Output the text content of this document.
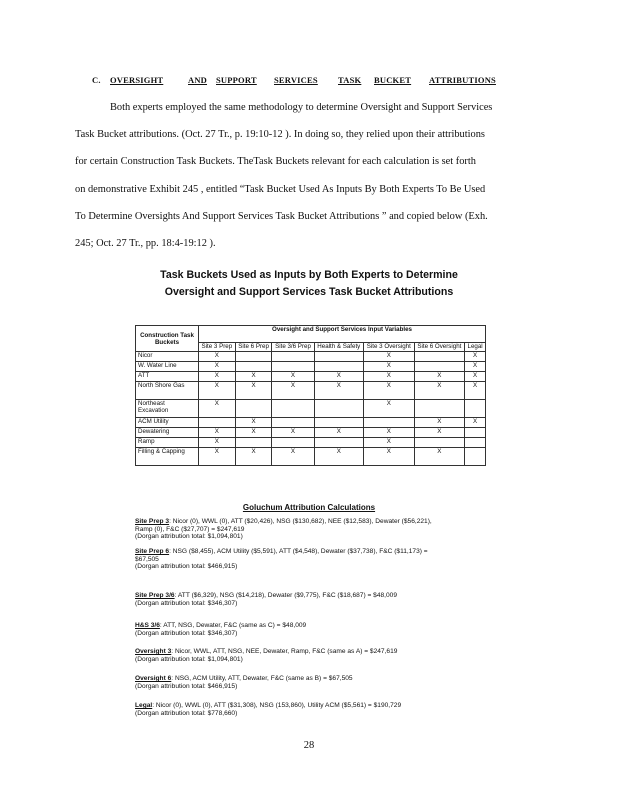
C.	OVERSIGHT	AND	SUPPORT	SERVICES	TASK	BUCKET	ATTRIBUTIONS
Both experts employed the same methodology to determine Oversight and Support Services
Task Bucket attributions. (Oct. 27 Tr., p. 19:10-12 ). In doing so, they relied upon their attributions
for certain Construction Task Buckets. TheTask Buckets relevant for each calculation is set forth
on demonstrative Exhibit 245 , entitled “Task Bucket Used As Inputs By Both Experts To Be Used
To Determine Oversights And Support Services Task Bucket Attributions ” and copied below (Exh.
245; Oct. 27 Tr., pp. 18:4-19:12 ).
Task Buckets Used as Inputs by Both Experts to Determine
Oversight and Support Services Task Bucket Attributions
Construction Task Buckets	Oversight and Support Services Input Variables						
	Site 3 Prep	Site 6 Prep	Site 3/6 Prep	Health & Safety	Site 3 Oversight	Site 6 Oversight	Legal
Nicor	X				X		X
W. Water Line	X				X		X
ATT	X	X	X	X	X	X	X
North Shore Gas	X	X	X	X	X	X	X
Northeast Excavation	X				X		
ACM Utility		X				X	X
Dewatering	X	X	X	X	X	X	
Ramp	X				X		
Filling & Capping	X	X	X	X	X	X	
Goluchum Attribution Calculations
Site Prep 3: Nicor (0), WWL (0), ATT ($20,426), NSG ($130,682), NEE ($12,583), Dewater ($56,221),
Ramp (0), F&C ($27,707) = $247,619
(Dorgan attribution total: $1,094,801)
Site Prep 6: NSG ($8,455), ACM Utility ($5,591), ATT ($4,548), Dewater ($37,738), F&C ($11,173) =
$67,505
(Dorgan attribution total: $466,915)
Site Prep 3/6: ATT ($6,329), NSG ($14,218), Dewater ($9,775), F&C ($18,687) = $48,009
(Dorgan attribution total: $346,307)
H&S 3/6: ATT, NSG, Dewater, F&C (same as C) = $48,009
(Dorgan attribution total: $346,307)
Oversight 3: Nicor, WWL, ATT, NSG, NEE, Dewater, Ramp, F&C (same as A) = $247,619
(Dorgan attribution total: $1,094,801)
Oversight 6: NSG, ACM Utility, ATT, Dewater, F&C (same as B) = $67,505
(Dorgan attribution total: $466,915)
Legal: Nicor (0), WWL (0), ATT ($31,308), NSG (153,860), Utility ACM ($5,561) = $190,729
(Dorgan attribution total: $778,660)
28
